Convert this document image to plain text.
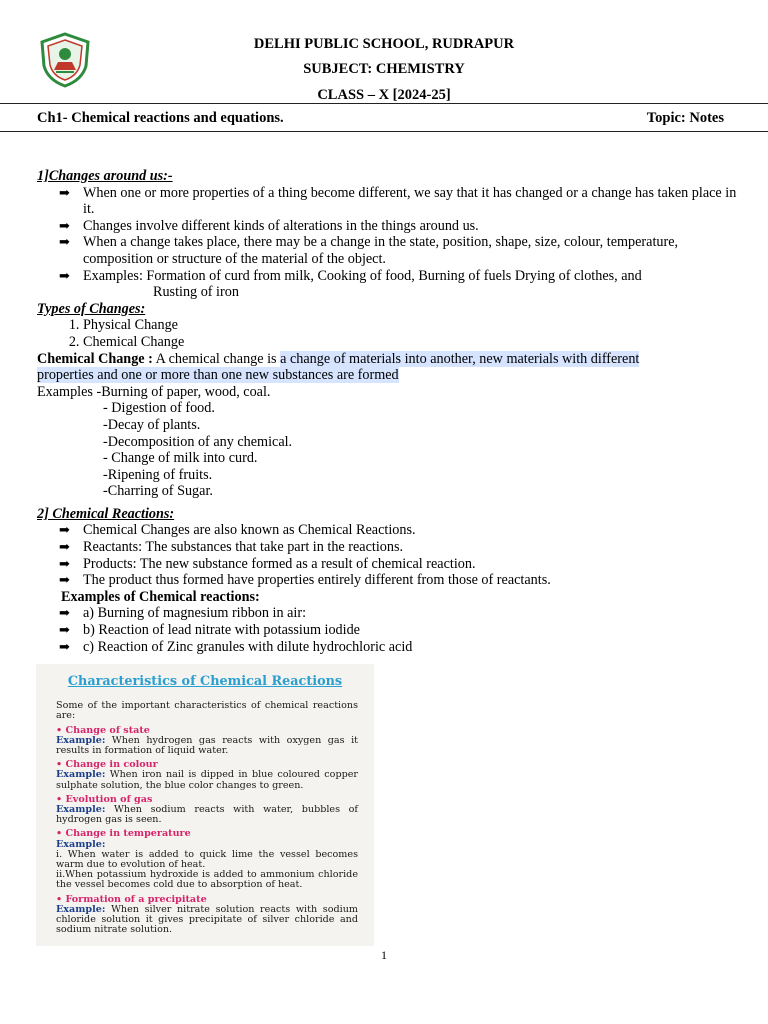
DELHI PUBLIC SCHOOL, RUDRAPUR
SUBJECT: CHEMISTRY
CLASS – X [2024-25]
Ch1- Chemical reactions and equations.	Topic: Notes
1]Changes around us:-
➡ When one or more properties of a thing become different, we say that it has changed or a change has taken place in it.
➡ Changes involve different kinds of alterations in the things around us.
➡ When a change takes place, there may be a change in the state, position, shape, size, colour, temperature, composition or structure of the material of the object.
➡ Examples: Formation of curd from milk, Cooking of food, Burning of fuels Drying of clothes, and
Rusting of iron
Types of Changes:
1. Physical Change
2. Chemical Change
Chemical Change : A chemical change is a change of materials into another, new materials with different
properties and one or more than one new substances are formed
Examples -Burning of paper, wood, coal.
- Digestion of food.
-Decay of plants.
-Decomposition of any chemical.
- Change of milk into curd.
-Ripening of fruits.
-Charring of Sugar.
2] Chemical Reactions:
➡ Chemical Changes are also known as Chemical Reactions.
➡ Reactants: The substances that take part in the reactions.
➡ Products: The new substance formed as a result of chemical reaction.
➡ The product thus formed have properties entirely different from those of reactants.
Examples of Chemical reactions:
➡ a) Burning of magnesium ribbon in air:
➡ b) Reaction of lead nitrate with potassium iodide
➡ c) Reaction of Zinc granules with dilute hydrochloric acid
Characteristics of Chemical Reactions
Some of the important characteristics of chemical reactions are:
• Change of state
Example: When hydrogen gas reacts with oxygen gas it results in formation of liquid water.
• Change in colour
Example: When iron nail is dipped in blue coloured copper sulphate solution, the blue color changes to green.
• Evolution of gas
Example: When sodium reacts with water, bubbles of hydrogen gas is seen.
• Change in temperature
Example:
i. When water is added to quick lime the vessel becomes warm due to evolution of heat.
ii.When potassium hydroxide is added to ammonium chloride the vessel becomes cold due to absorption of heat.
• Formation of a precipitate
Example: When silver nitrate solution reacts with sodium chloride solution it gives precipitate of silver chloride and sodium nitrate solution.
1
